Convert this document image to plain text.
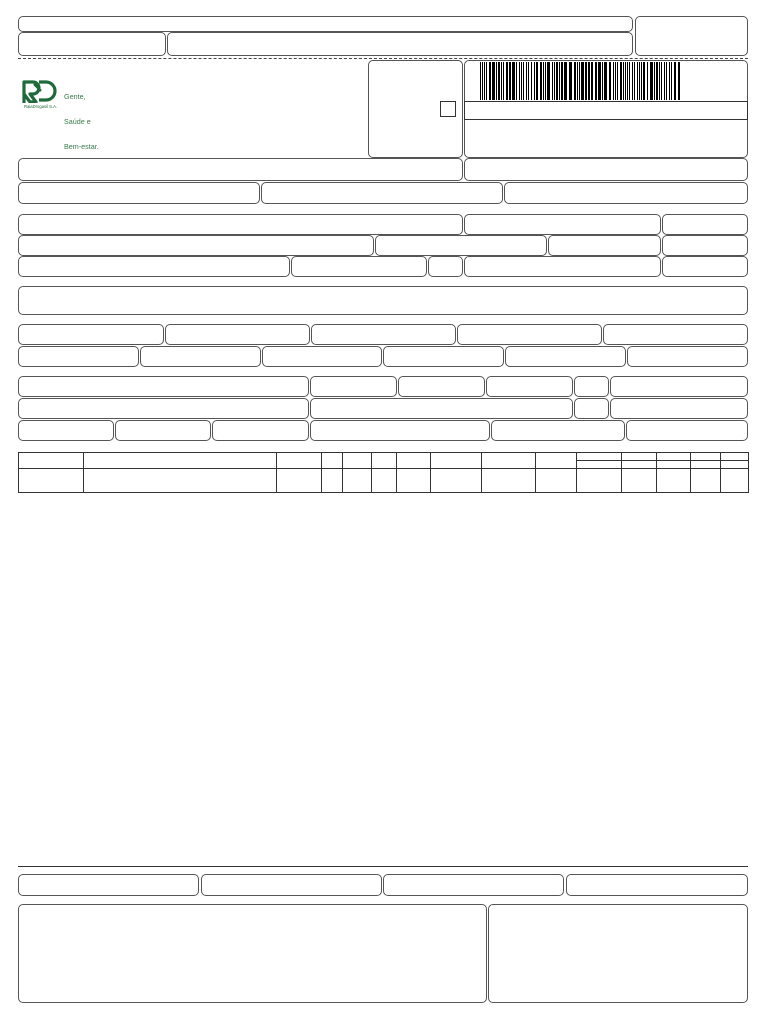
Gente,

Saúde e

Bem-estar.

RaiaDrogasil S.A.
